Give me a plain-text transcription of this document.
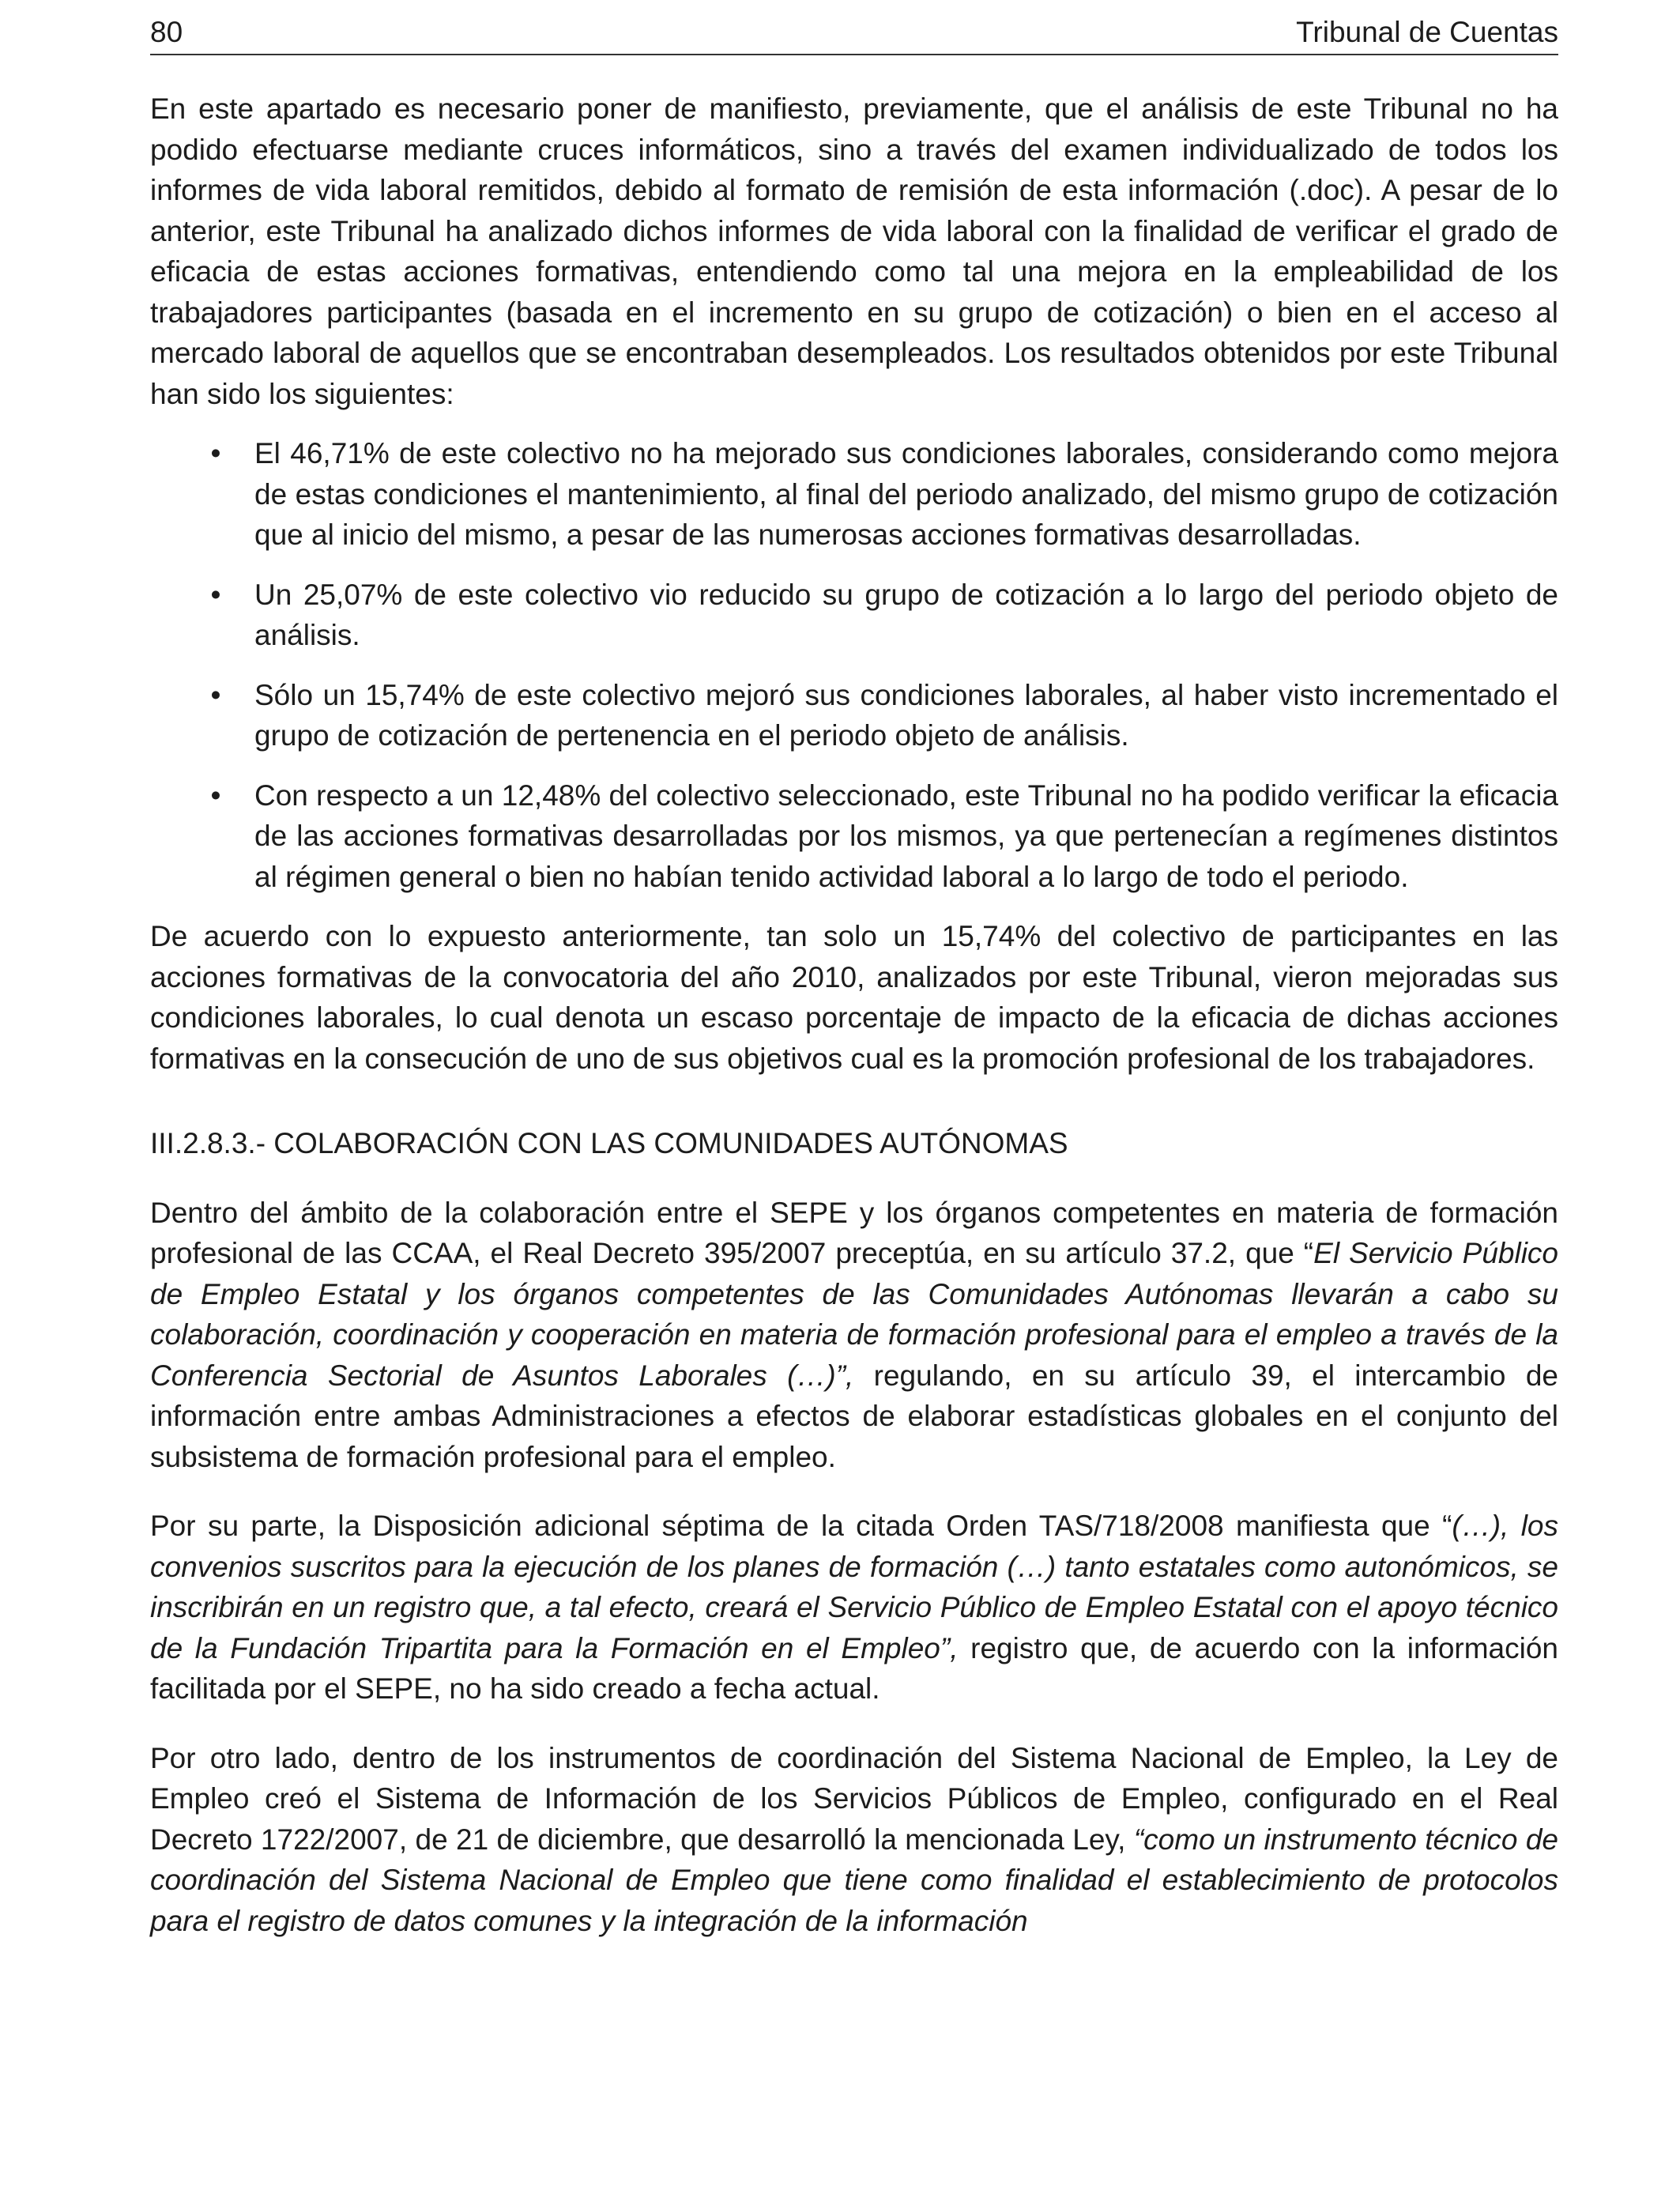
80	Tribunal de Cuentas

En este apartado es necesario poner de manifiesto, previamente, que el análisis de este Tribunal no ha podido efectuarse mediante cruces informáticos, sino a través del examen individualizado de todos los informes de vida laboral remitidos, debido al formato de remisión de esta información (.doc). A pesar de lo anterior, este Tribunal ha analizado dichos informes de vida laboral con la finalidad de verificar el grado de eficacia de estas acciones formativas, entendiendo como tal una mejora en la empleabilidad de los trabajadores participantes (basada en el incremento en su grupo de cotización) o bien en el acceso al mercado laboral de aquellos que se encontraban desempleados. Los resultados obtenidos por este Tribunal han sido los siguientes:

• El 46,71% de este colectivo no ha mejorado sus condiciones laborales, considerando como mejora de estas condiciones el mantenimiento, al final del periodo analizado, del mismo grupo de cotización que al inicio del mismo, a pesar de las numerosas acciones formativas desarrolladas.
• Un 25,07% de este colectivo vio reducido su grupo de cotización a lo largo del periodo objeto de análisis.
• Sólo un 15,74% de este colectivo mejoró sus condiciones laborales, al haber visto incrementado el grupo de cotización de pertenencia en el periodo objeto de análisis.
• Con respecto a un 12,48% del colectivo seleccionado, este Tribunal no ha podido verificar la eficacia de las acciones formativas desarrolladas por los mismos, ya que pertenecían a regímenes distintos al régimen general o bien no habían tenido actividad laboral a lo largo de todo el periodo.

De acuerdo con lo expuesto anteriormente, tan solo un 15,74% del colectivo de participantes en las acciones formativas de la convocatoria del año 2010, analizados por este Tribunal, vieron mejoradas sus condiciones laborales, lo cual denota un escaso porcentaje de impacto de la eficacia de dichas acciones formativas en la consecución de uno de sus objetivos cual es la promoción profesional de los trabajadores.

III.2.8.3.- COLABORACIÓN CON LAS COMUNIDADES AUTÓNOMAS

Dentro del ámbito de la colaboración entre el SEPE y los órganos competentes en materia de formación profesional de las CCAA, el Real Decreto 395/2007 preceptúa, en su artículo 37.2, que “El Servicio Público de Empleo Estatal y los órganos competentes de las Comunidades Autónomas llevarán a cabo su colaboración, coordinación y cooperación en materia de formación profesional para el empleo a través de la Conferencia Sectorial de Asuntos Laborales (…)”, regulando, en su artículo 39, el intercambio de información entre ambas Administraciones a efectos de elaborar estadísticas globales en el conjunto del subsistema de formación profesional para el empleo.

Por su parte, la Disposición adicional séptima de la citada Orden TAS/718/2008 manifiesta que “(…), los convenios suscritos para la ejecución de los planes de formación (…) tanto estatales como autonómicos, se inscribirán en un registro que, a tal efecto, creará el Servicio Público de Empleo Estatal con el apoyo técnico de la Fundación Tripartita para la Formación en el Empleo”, registro que, de acuerdo con la información facilitada por el SEPE, no ha sido creado a fecha actual.

Por otro lado, dentro de los instrumentos de coordinación del Sistema Nacional de Empleo, la Ley de Empleo creó el Sistema de Información de los Servicios Públicos de Empleo, configurado en el Real Decreto 1722/2007, de 21 de diciembre, que desarrolló la mencionada Ley, “como un instrumento técnico de coordinación del Sistema Nacional de Empleo que tiene como finalidad el establecimiento de protocolos para el registro de datos comunes y la integración de la información
